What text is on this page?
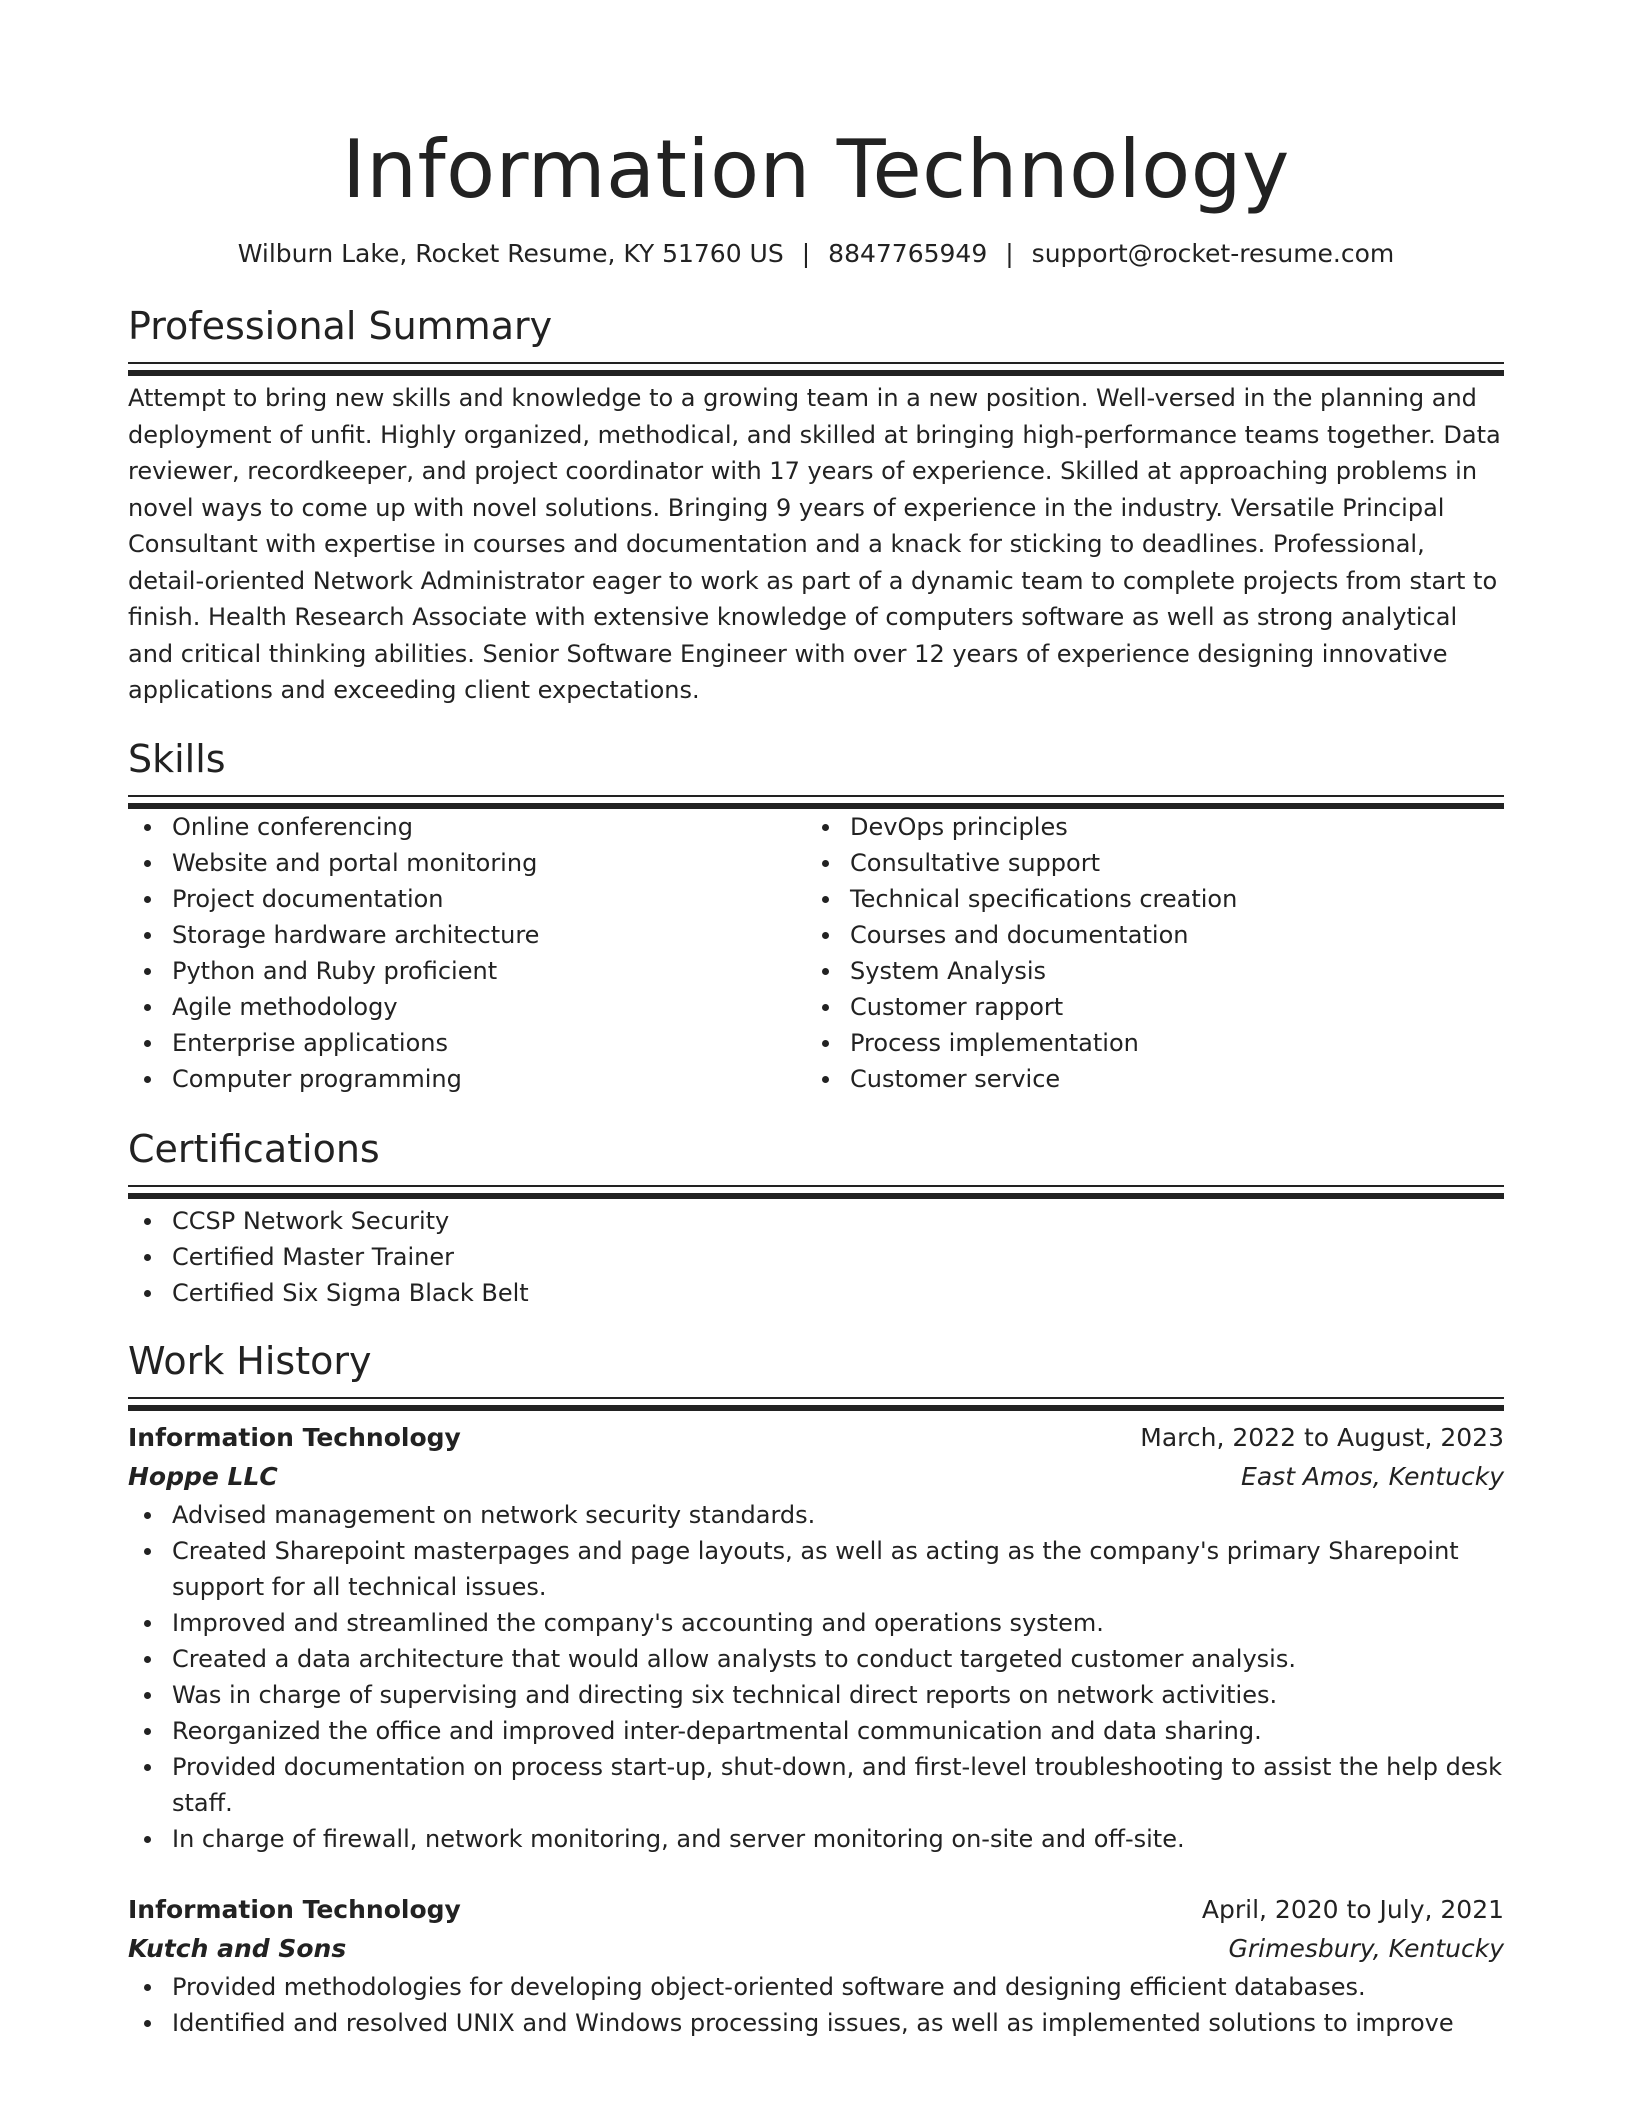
Information Technology
Wilburn Lake, Rocket Resume, KY 51760 US | 8847765949 | support@rocket-resume.com
Professional Summary
Attempt to bring new skills and knowledge to a growing team in a new position. Well-versed in the planning and deployment of unfit. Highly organized, methodical, and skilled at bringing high-performance teams together. Data reviewer, recordkeeper, and project coordinator with 17 years of experience. Skilled at approaching problems in novel ways to come up with novel solutions. Bringing 9 years of experience in the industry. Versatile Principal Consultant with expertise in courses and documentation and a knack for sticking to deadlines. Professional, detail-oriented Network Administrator eager to work as part of a dynamic team to complete projects from start to finish. Health Research Associate with extensive knowledge of computers software as well as strong analytical and critical thinking abilities. Senior Software Engineer with over 12 years of experience designing innovative applications and exceeding client expectations.
Skills
Online conferencing
Website and portal monitoring
Project documentation
Storage hardware architecture
Python and Ruby proficient
Agile methodology
Enterprise applications
Computer programming
DevOps principles
Consultative support
Technical specifications creation
Courses and documentation
System Analysis
Customer rapport
Process implementation
Customer service
Certifications
CCSP Network Security
Certified Master Trainer
Certified Six Sigma Black Belt
Work History
Information Technology	March, 2022 to August, 2023
Hoppe LLC	East Amos, Kentucky
Advised management on network security standards.
Created Sharepoint masterpages and page layouts, as well as acting as the company's primary Sharepoint support for all technical issues.
Improved and streamlined the company's accounting and operations system.
Created a data architecture that would allow analysts to conduct targeted customer analysis.
Was in charge of supervising and directing six technical direct reports on network activities.
Reorganized the office and improved inter-departmental communication and data sharing.
Provided documentation on process start-up, shut-down, and first-level troubleshooting to assist the help desk staff.
In charge of firewall, network monitoring, and server monitoring on-site and off-site.
Information Technology	April, 2020 to July, 2021
Kutch and Sons	Grimesbury, Kentucky
Provided methodologies for developing object-oriented software and designing efficient databases.
Identified and resolved UNIX and Windows processing issues, as well as implemented solutions to improve
